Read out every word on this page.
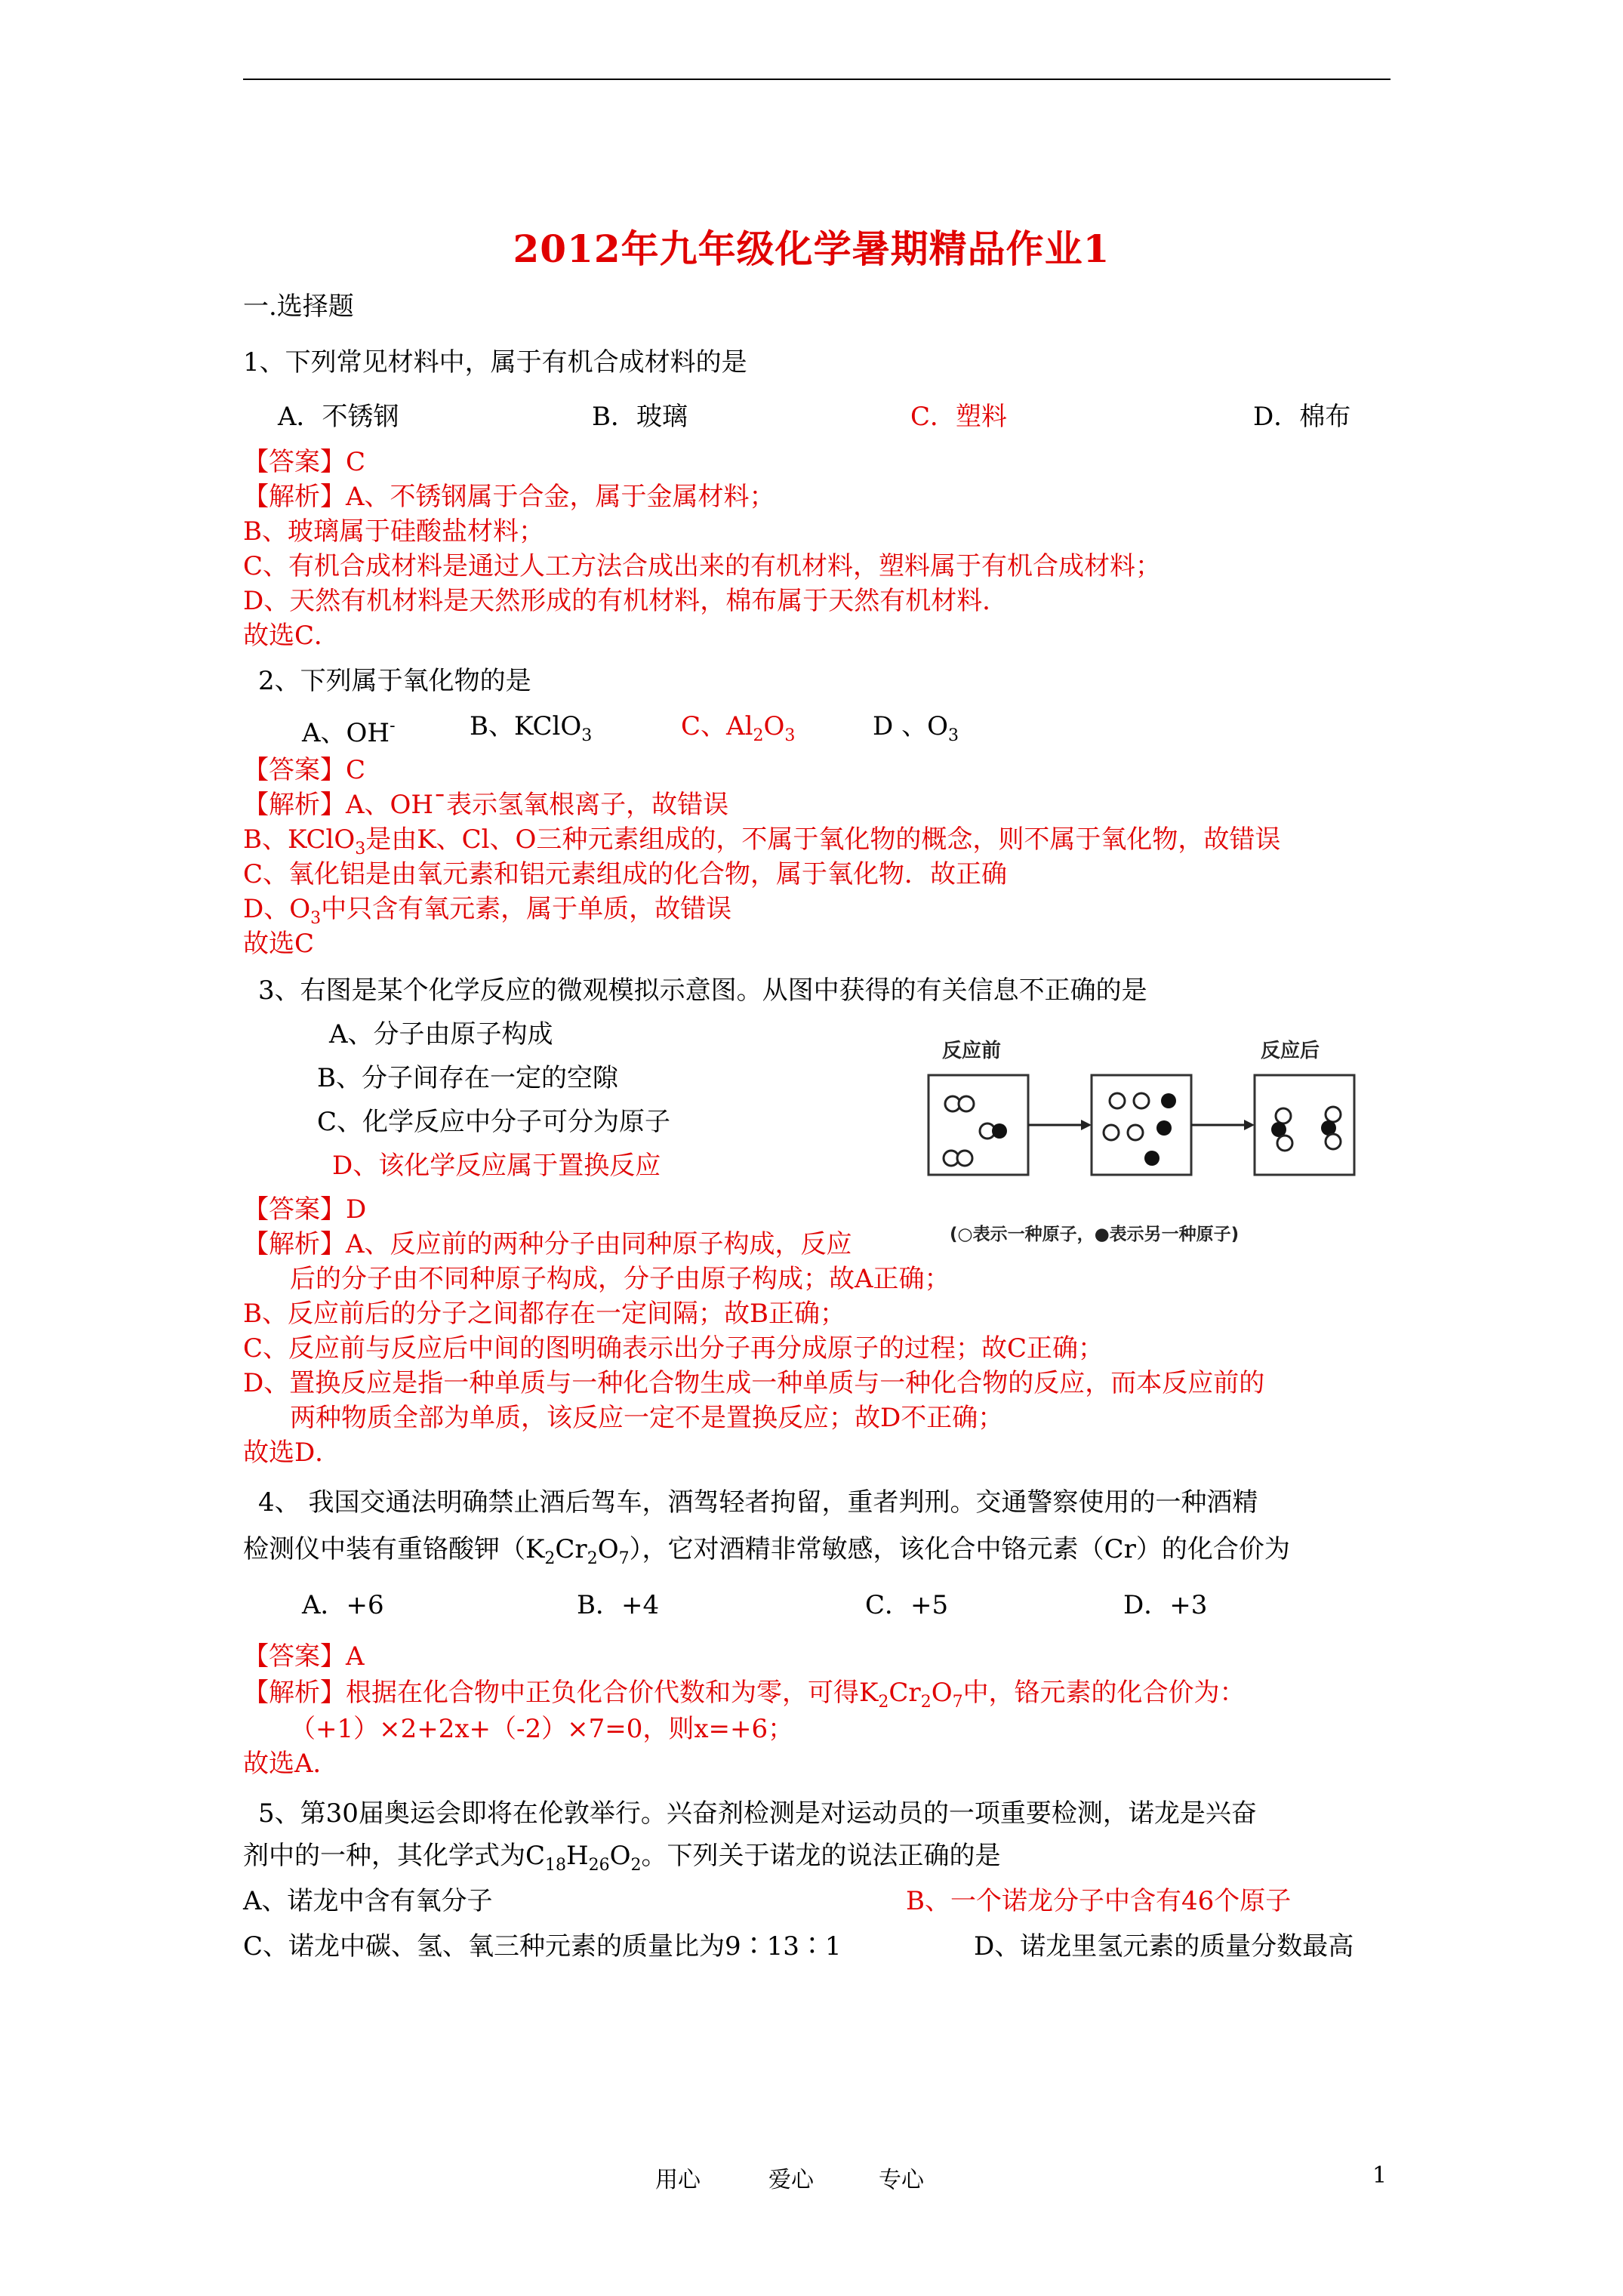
2012年九年级化学暑期精品作业1
一.选择题
1、下列常见材料中，属于有机合成材料的是
A．不锈钢	B．玻璃	C．塑料	D．棉布
【答案】C
【解析】A、不锈钢属于合金，属于金属材料；
B、玻璃属于硅酸盐材料；
C、有机合成材料是通过人工方法合成出来的有机材料，塑料属于有机合成材料；
D、天然有机材料是天然形成的有机材料，棉布属于天然有机材料．
故选C．
2、下列属于氧化物的是
A、OH-	B、KClO$_3$	C、$Al_2O_3$	D 、$O_3$
【答案】C
【解析】A、OHˉ表示氢氧根离子，故错误
B、KClO$_3$是由K、Cl、O三种元素组成的，不属于氧化物的概念，则不属于氧化物，故错误
C、氧化铝是由氧元素和铝元素组成的化合物，属于氧化物．故正确
D、$O_3$中只含有氧元素，属于单质，故错误
故选C
3、右图是某个化学反应的微观模拟示意图。从图中获得的有关信息不正确的是
A、分子由原子构成
B、分子间存在一定的空隙
C、化学反应中分子可分为原子
D、该化学反应属于置换反应
反应前	反应后
(○表示一种原子，●表示另一种原子)
【答案】D
【解析】A、反应前的两种分子由同种原子构成，反应
后的分子由不同种原子构成，分子由原子构成；故A正确；
B、反应前后的分子之间都存在一定间隔；故B正确；
C、反应前与反应后中间的图明确表示出分子再分成原子的过程；故C正确；
D、置换反应是指一种单质与一种化合物生成一种单质与一种化合物的反应，而本反应前的
两种物质全部为单质，该反应一定不是置换反应；故D不正确；
故选D．
4、 我国交通法明确禁止酒后驾车，酒驾轻者拘留，重者判刑。交通警察使用的一种酒精
检测仪中装有重铬酸钾$(K_2Cr_2O_7)$，它对酒精非常敏感，该化合中铬元素（Cr）的化合价为
A．+6	B．+4	C．+5	D．+3
【答案】A
【解析】根据在化合物中正负化合价代数和为零，可得$K_2Cr_2O_7$中，铬元素的化合价为：
（+1）×2+2x+（-2）×7=0，则x=+6；
故选A．
5、第30届奥运会即将在伦敦举行。兴奋剂检测是对运动员的一项重要检测，诺龙是兴奋
剂中的一种，其化学式为$C_{18}H_{26}O_2$。下列关于诺龙的说法正确的是
A、诺龙中含有氧分子	B、一个诺龙分子中含有46个原子
C、诺龙中碳、氢、氧三种元素的质量比为9∶13∶1	D、诺龙里氢元素的质量分数最高
用心	爱心	专心	1
